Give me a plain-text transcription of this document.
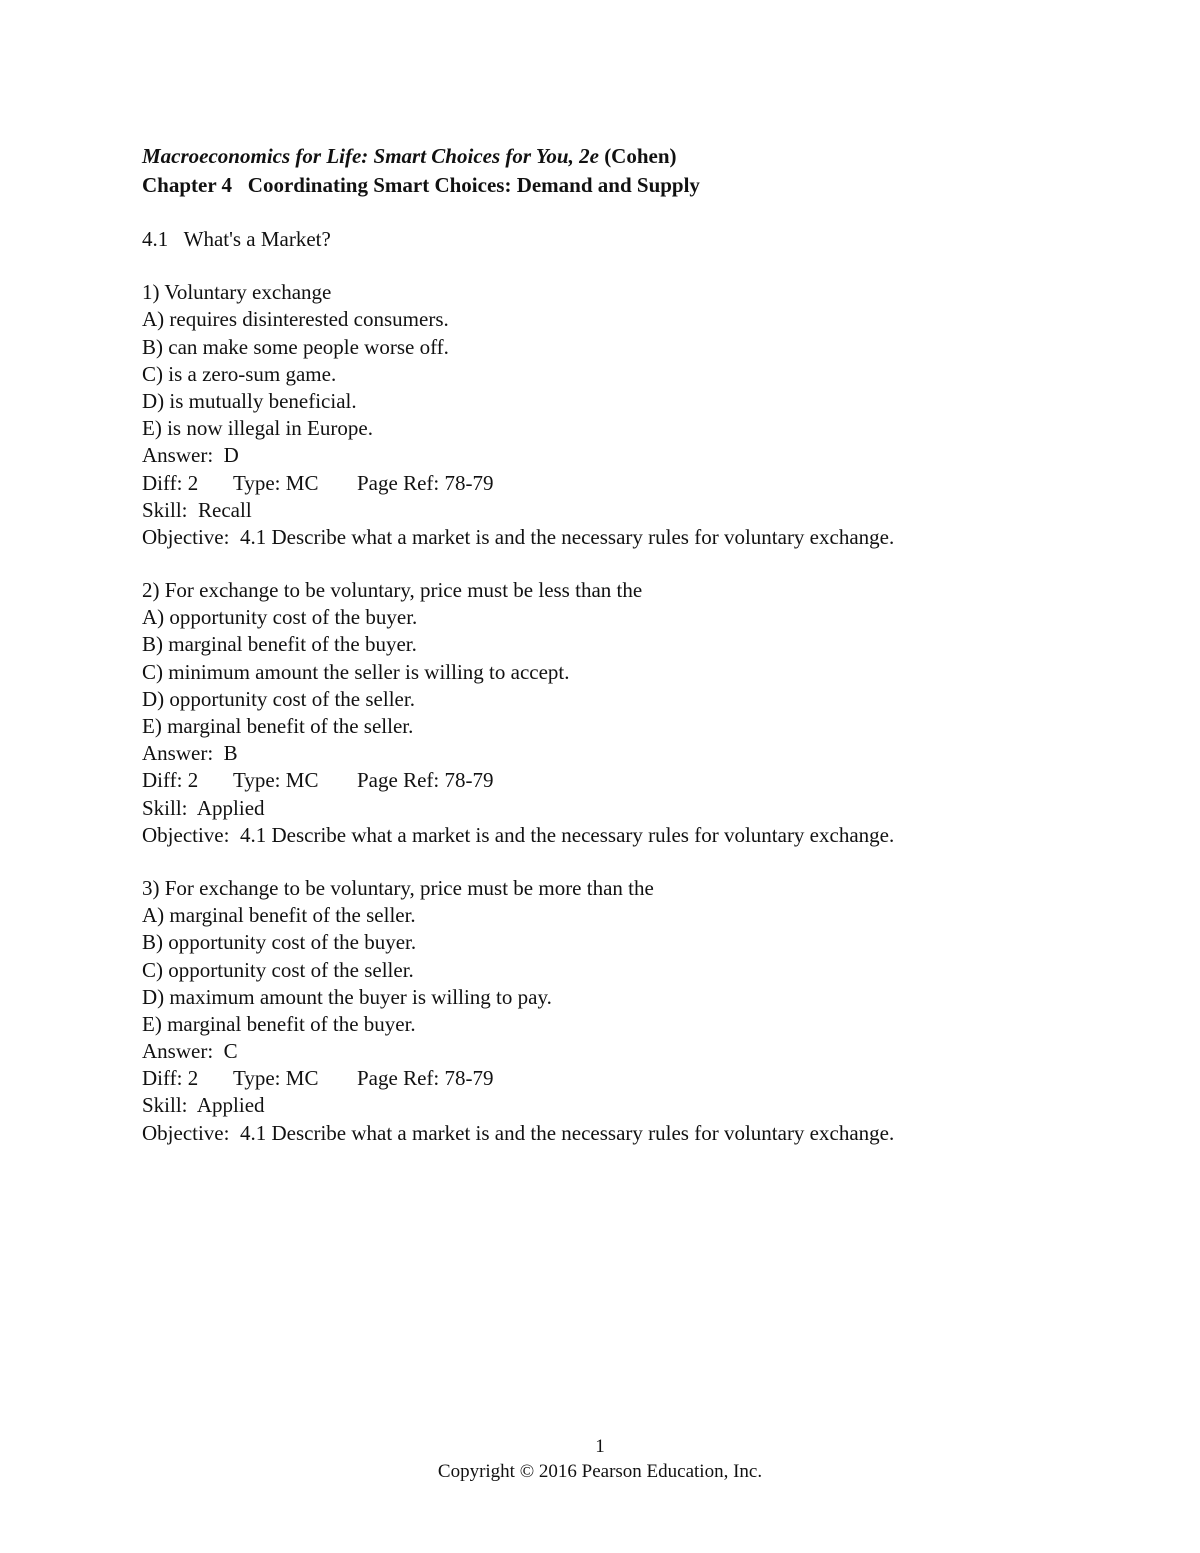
Macroeconomics for Life: Smart Choices for You, 2e (Cohen)
Chapter 4   Coordinating Smart Choices: Demand and Supply
4.1   What's a Market?
1) Voluntary exchange
A) requires disinterested consumers.
B) can make some people worse off.
C) is a zero-sum game.
D) is mutually beneficial.
E) is now illegal in Europe.
Answer:  D
Diff: 2 Type: MC Page Ref: 78-79
Skill:  Recall
Objective:  4.1 Describe what a market is and the necessary rules for voluntary exchange.
2) For exchange to be voluntary, price must be less than the
A) opportunity cost of the buyer.
B) marginal benefit of the buyer.
C) minimum amount the seller is willing to accept.
D) opportunity cost of the seller.
E) marginal benefit of the seller.
Answer:  B
Diff: 2 Type: MC Page Ref: 78-79
Skill:  Applied
Objective:  4.1 Describe what a market is and the necessary rules for voluntary exchange.
3) For exchange to be voluntary, price must be more than the
A) marginal benefit of the seller.
B) opportunity cost of the buyer.
C) opportunity cost of the seller.
D) maximum amount the buyer is willing to pay.
E) marginal benefit of the buyer.
Answer:  C
Diff: 2 Type: MC Page Ref: 78-79
Skill:  Applied
Objective:  4.1 Describe what a market is and the necessary rules for voluntary exchange.
1
Copyright © 2016 Pearson Education, Inc.
